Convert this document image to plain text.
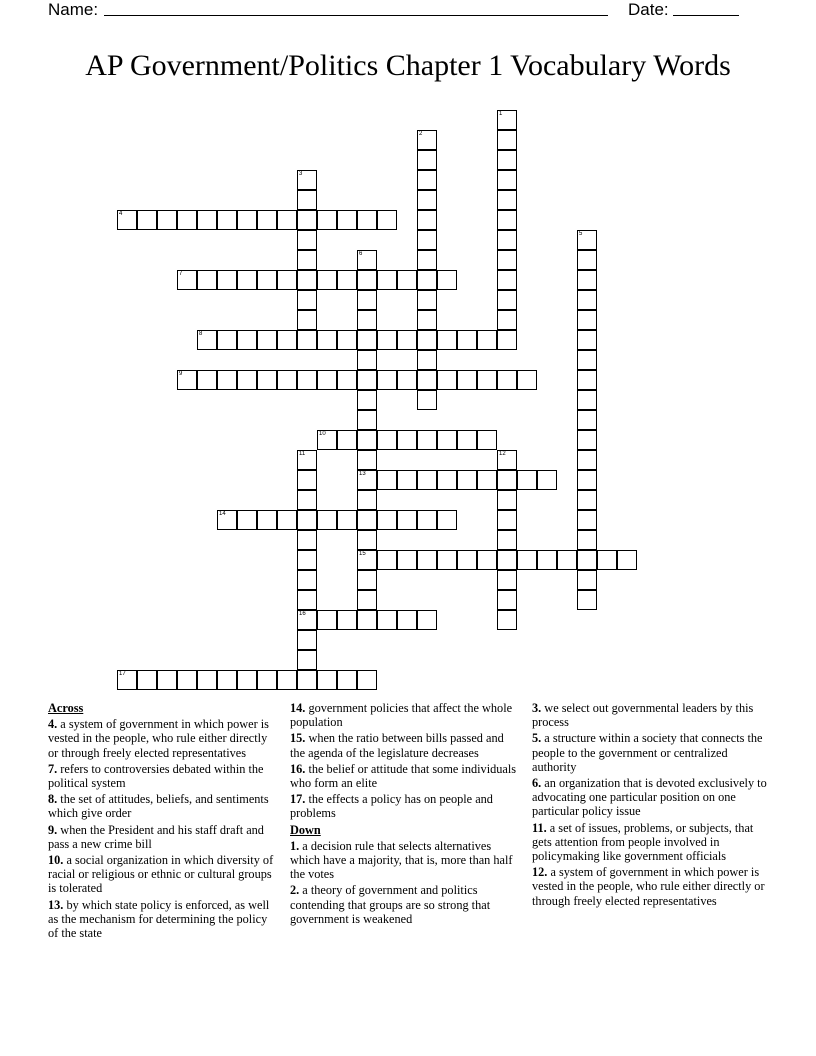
Name:	Date:
AP Government/Politics Chapter 1 Vocabulary Words
4
7
8
9
10
13
14
15
16
17
1
2
3
5
6
11	12
Across
4. a system of government in which power is vested in the people, who rule either directly or through freely elected representatives
7. refers to controversies debated within the political system
8. the set of attitudes, beliefs, and sentiments which give order
9. when the President and his staff draft and pass a new crime bill
10. a social organization in which diversity of racial or religious or ethnic or cultural groups is tolerated
13. by which state policy is enforced, as well as the mechanism for determining the policy of the state
14. government policies that affect the whole population
15. when the ratio between bills passed and the agenda of the legislature decreases
16. the belief or attitude that some individuals who form an elite
17. the effects a policy has on people and problems
Down
1. a decision rule that selects alternatives which have a majority, that is, more than half the votes
2. a theory of government and politics contending that groups are so strong that government is weakened
3. we select out governmental leaders by this process
5. a structure within a society that connects the people to the government or centralized authority
6. an organization that is devoted exclusively to advocating one particular position on one particular policy issue
11. a set of issues, problems, or subjects, that gets attention from people involved in policymaking like government officials
12. a system of government in which power is vested in the people, who rule either directly or through freely elected representatives
